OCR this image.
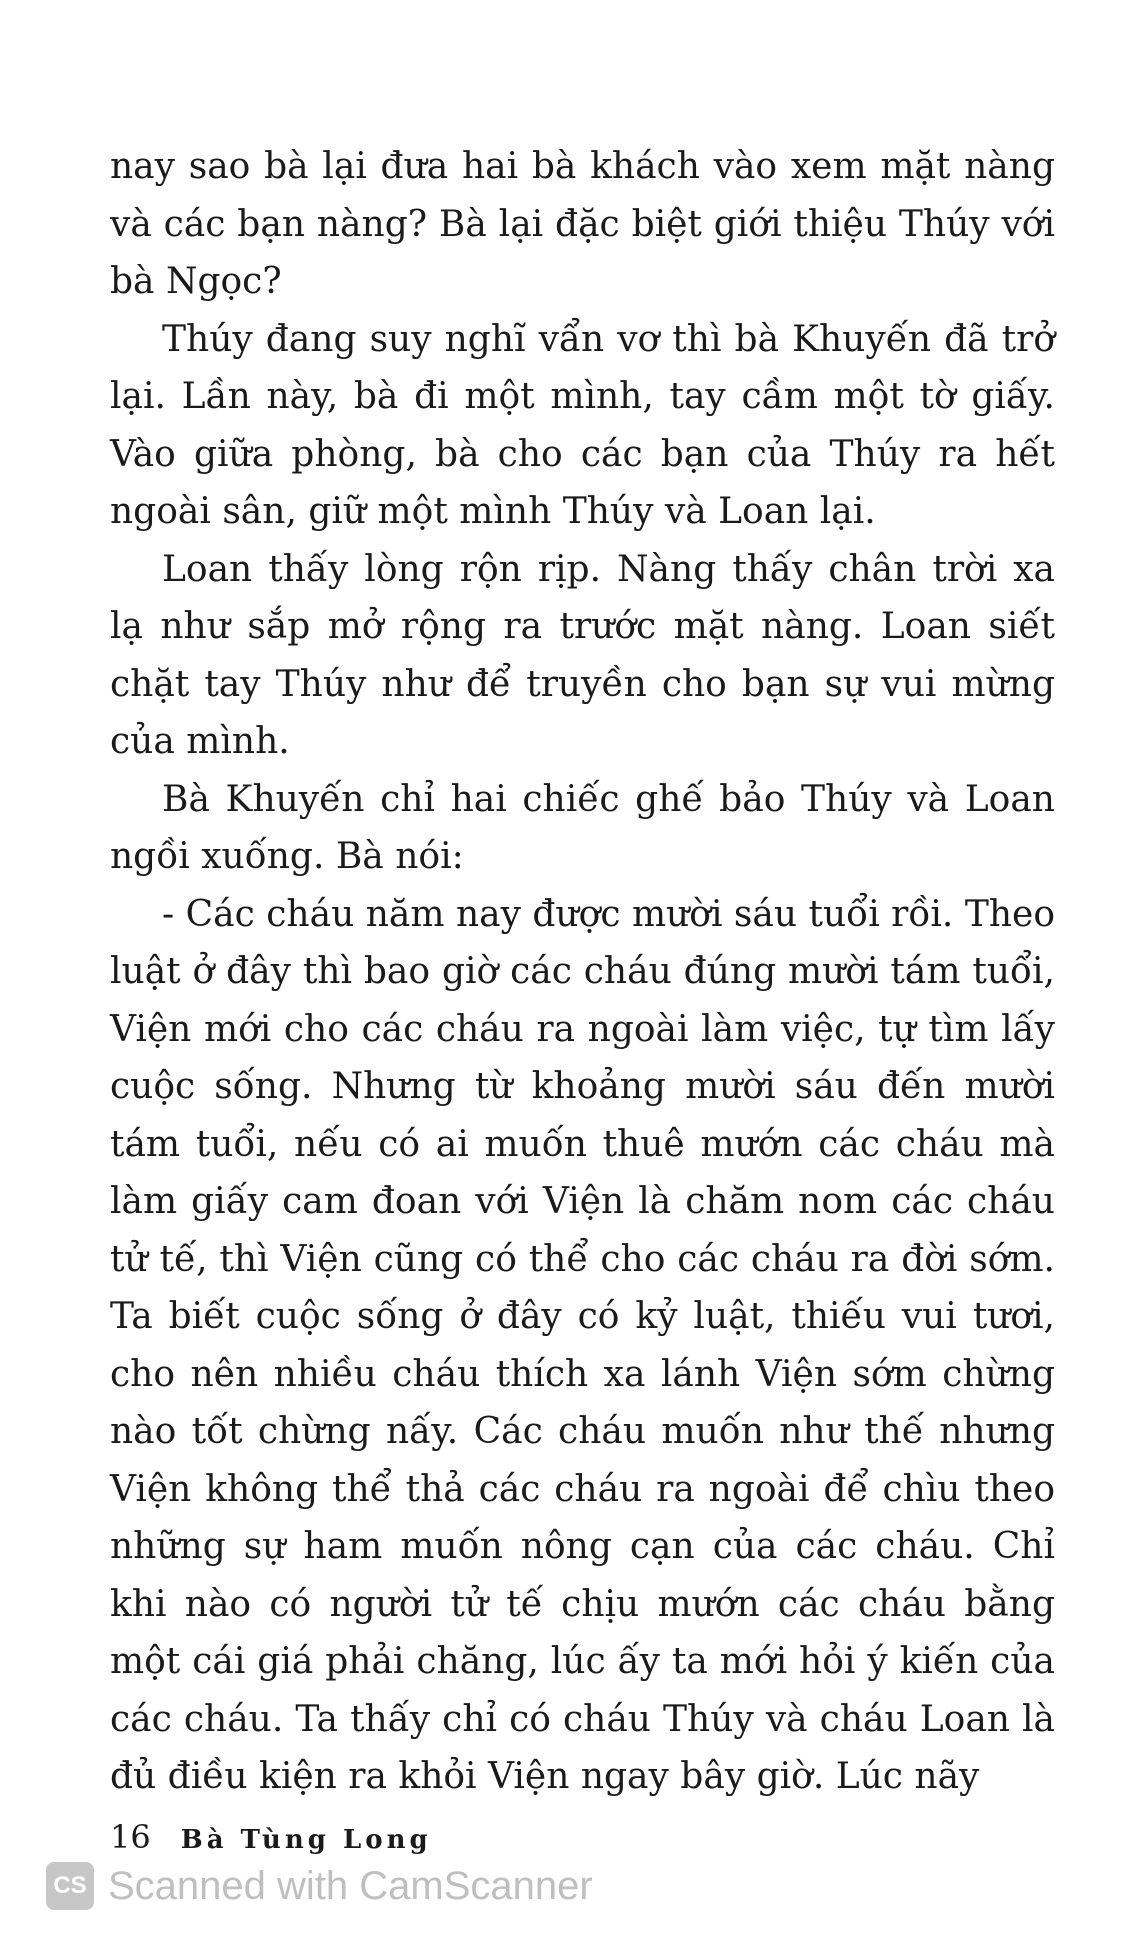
nay sao bà lại đưa hai bà khách vào xem mặt nàng và các bạn nàng? Bà lại đặc biệt giới thiệu Thúy với bà Ngọc?

Thúy đang suy nghĩ vẩn vơ thì bà Khuyến đã trở lại. Lần này, bà đi một mình, tay cầm một tờ giấy. Vào giữa phòng, bà cho các bạn của Thúy ra hết ngoài sân, giữ một mình Thúy và Loan lại.

Loan thấy lòng rộn rịp. Nàng thấy chân trời xa lạ như sắp mở rộng ra trước mặt nàng. Loan siết chặt tay Thúy như để truyền cho bạn sự vui mừng của mình.

Bà Khuyến chỉ hai chiếc ghế bảo Thúy và Loan ngồi xuống. Bà nói:

- Các cháu năm nay được mười sáu tuổi rồi. Theo luật ở đây thì bao giờ các cháu đúng mười tám tuổi, Viện mới cho các cháu ra ngoài làm việc, tự tìm lấy cuộc sống. Nhưng từ khoảng mười sáu đến mười tám tuổi, nếu có ai muốn thuê mướn các cháu mà làm giấy cam đoan với Viện là chăm nom các cháu tử tế, thì Viện cũng có thể cho các cháu ra đời sớm. Ta biết cuộc sống ở đây có kỷ luật, thiếu vui tươi, cho nên nhiều cháu thích xa lánh Viện sớm chừng nào tốt chừng nấy. Các cháu muốn như thế nhưng Viện không thể thả các cháu ra ngoài để chìu theo những sự ham muốn nông cạn của các cháu. Chỉ khi nào có người tử tế chịu mướn các cháu bằng một cái giá phải chăng, lúc ấy ta mới hỏi ý kiến của các cháu. Ta thấy chỉ có cháu Thúy và cháu Loan là đủ điều kiện ra khỏi Viện ngay bây giờ. Lúc nãy

16 Bà Tùng Long
CS Scanned with CamScanner
